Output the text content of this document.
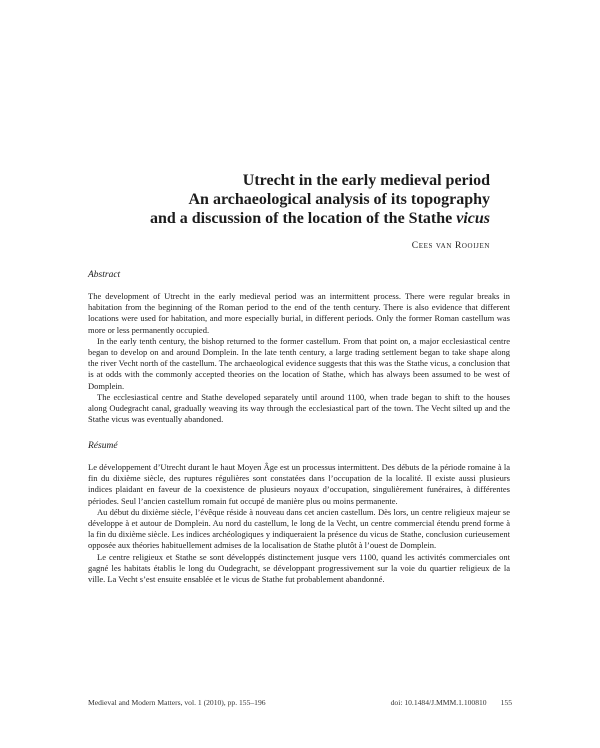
Utrecht in the early medieval period
An archaeological analysis of its topography
and a discussion of the location of the Stathe vicus
Cees van Rooijen

Abstract

The development of Utrecht in the early medieval period was an intermittent process. There were regular breaks in habitation from the beginning of the Roman period to the end of the tenth century. There is also evidence that different locations were used for habitation, and more especially burial, in different periods. Only the former Roman castellum was more or less permanently occupied.

In the early tenth century, the bishop returned to the former castellum. From that point on, a major ecclesiastical centre began to develop on and around Domplein. In the late tenth century, a large trading settlement began to take shape along the river Vecht north of the castellum. The archaeological evidence suggests that this was the Stathe vicus, a conclusion that is at odds with the commonly accepted theories on the location of Stathe, which has always been assumed to be west of Domplein.

The ecclesiastical centre and Stathe developed separately until around 1100, when trade began to shift to the houses along Oudegracht canal, gradually weaving its way through the ecclesiastical part of the town. The Vecht silted up and the Stathe vicus was eventually abandoned.

Résumé

Le développement d’Utrecht durant le haut Moyen Âge est un processus intermittent. Des débuts de la période romaine à la fin du dixième siècle, des ruptures régulières sont constatées dans l’occupation de la localité. Il existe aussi plusieurs indices plaidant en faveur de la coexistence de plusieurs noyaux d’occupation, singulièrement funéraires, à différentes périodes. Seul l’ancien castellum romain fut occupé de manière plus ou moins permanente.

Au début du dixième siècle, l’évêque réside à nouveau dans cet ancien castellum. Dès lors, un centre religieux majeur se développe à et autour de Domplein. Au nord du castellum, le long de la Vecht, un centre commercial étendu prend forme à la fin du dixième siècle. Les indices archéologiques y indiqueraient la présence du vicus de Stathe, conclusion curieusement opposée aux théories habituellement admises de la localisation de Stathe plutôt à l’ouest de Domplein.

Le centre religieux et Stathe se sont développés distinctement jusque vers 1100, quand les activités commerciales ont gagné les habitats établis le long du Oudegracht, se développant progressivement sur la voie du quartier religieux de la ville. La Vecht s’est ensuite ensablée et le vicus de Stathe fut probablement abandonné.

Medieval and Modern Matters, vol. 1 (2010), pp. 155–196	doi: 10.1484/J.MMM.1.100810 155
